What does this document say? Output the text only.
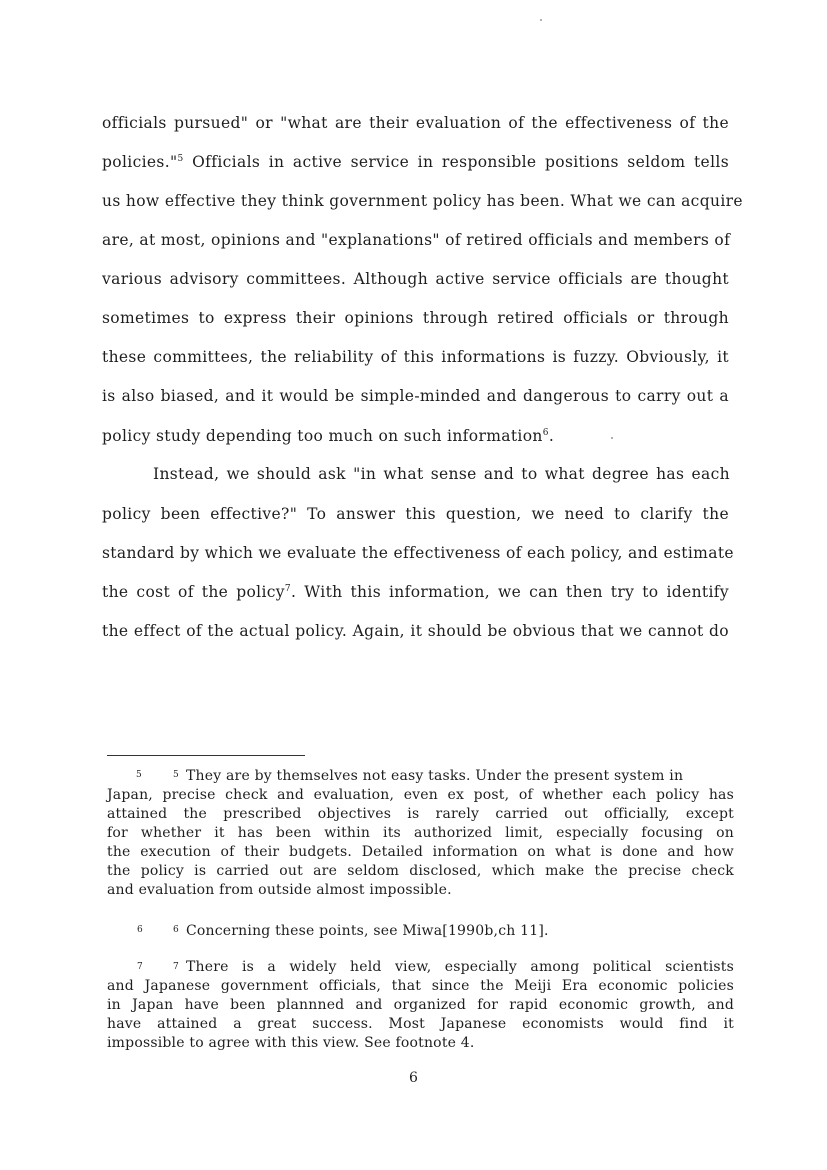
officials pursued" or "what are their evaluation of the effectiveness of the
policies."$^5$ Officials in active service in responsible positions seldom tells
us how effective they think government policy has been. What we can acquire
are, at most, opinions and "explanations" of retired officials and members of
various advisory committees. Although active service officials are thought
sometimes to express their opinions through retired officials or through
these committees, the reliability of this informations is fuzzy. Obviously, it
is also biased, and it would be simple-minded and dangerous to carry out a
policy study depending too much on such information$^6$.
Instead, we should ask "in what sense and to what degree has each
policy been effective?" To answer this question, we need to clarify the
standard by which we evaluate the effectiveness of each policy, and estimate
the cost of the policy$^7$. With this information, we can then try to identify
the effect of the actual policy. Again, it should be obvious that we cannot do
5	5 They are by themselves not easy tasks. Under the present system in
Japan, precise check and evaluation, even ex post, of whether each policy has
attained the prescribed objectives is rarely carried out officially, except
for whether it has been within its authorized limit, especially focusing on
the execution of their budgets. Detailed information on what is done and how
the policy is carried out are seldom disclosed, which make the precise check
and evaluation from outside almost impossible.
6	6 Concerning these points, see Miwa[1990b,ch 11].
7	7 There is a widely held view, especially among political scientists
and Japanese government officials, that since the Meiji Era economic policies
in Japan have been plannned and organized for rapid economic growth, and
have attained a great success. Most Japanese economists would find it
impossible to agree with this view. See footnote 4.
6
